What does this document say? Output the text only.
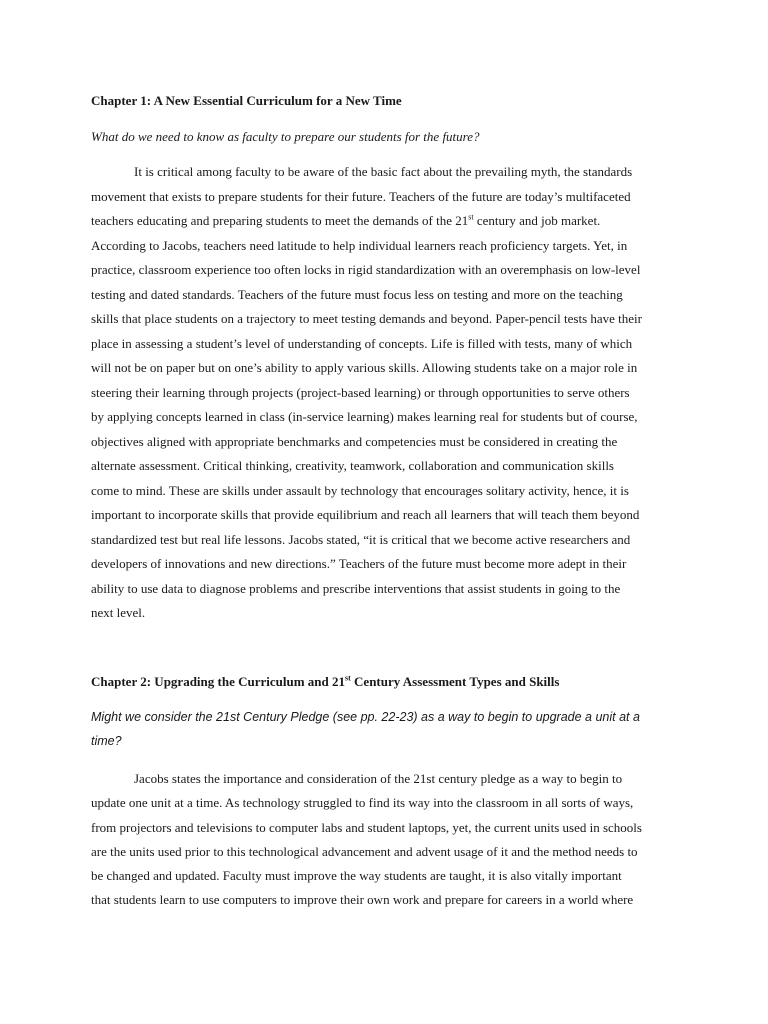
Chapter 1: A New Essential Curriculum for a New Time

What do we need to know as faculty to prepare our students for the future?

It is critical among faculty to be aware of the basic fact about the prevailing myth, the standards
movement that exists to prepare students for their future. Teachers of the future are today’s multifaceted
teachers educating and preparing students to meet the demands of the 21st century and job market.
According to Jacobs, teachers need latitude to help individual learners reach proficiency targets. Yet, in
practice, classroom experience too often locks in rigid standardization with an overemphasis on low-level
testing and dated standards. Teachers of the future must focus less on testing and more on the teaching
skills that place students on a trajectory to meet testing demands and beyond. Paper-pencil tests have their
place in assessing a student’s level of understanding of concepts. Life is filled with tests, many of which
will not be on paper but on one’s ability to apply various skills. Allowing students take on a major role in
steering their learning through projects (project-based learning) or through opportunities to serve others
by applying concepts learned in class (in-service learning) makes learning real for students but of course,
objectives aligned with appropriate benchmarks and competencies must be considered in creating the
alternate assessment. Critical thinking, creativity, teamwork, collaboration and communication skills
come to mind. These are skills under assault by technology that encourages solitary activity, hence, it is
important to incorporate skills that provide equilibrium and reach all learners that will teach them beyond
standardized test but real life lessons. Jacobs stated, “it is critical that we become active researchers and
developers of innovations and new directions.” Teachers of the future must become more adept in their
ability to use data to diagnose problems and prescribe interventions that assist students in going to the
next level.

Chapter 2: Upgrading the Curriculum and 21st Century Assessment Types and Skills

Might we consider the 21st Century Pledge (see pp. 22-23) as a way to begin to upgrade a unit at a
time?
Jacobs states the importance and consideration of the 21st century pledge as a way to begin to
update one unit at a time. As technology struggled to find its way into the classroom in all sorts of ways,
from projectors and televisions to computer labs and student laptops, yet, the current units used in schools
are the units used prior to this technological advancement and advent usage of it and the method needs to
be changed and updated. Faculty must improve the way students are taught, it is also vitally important
that students learn to use computers to improve their own work and prepare for careers in a world where
